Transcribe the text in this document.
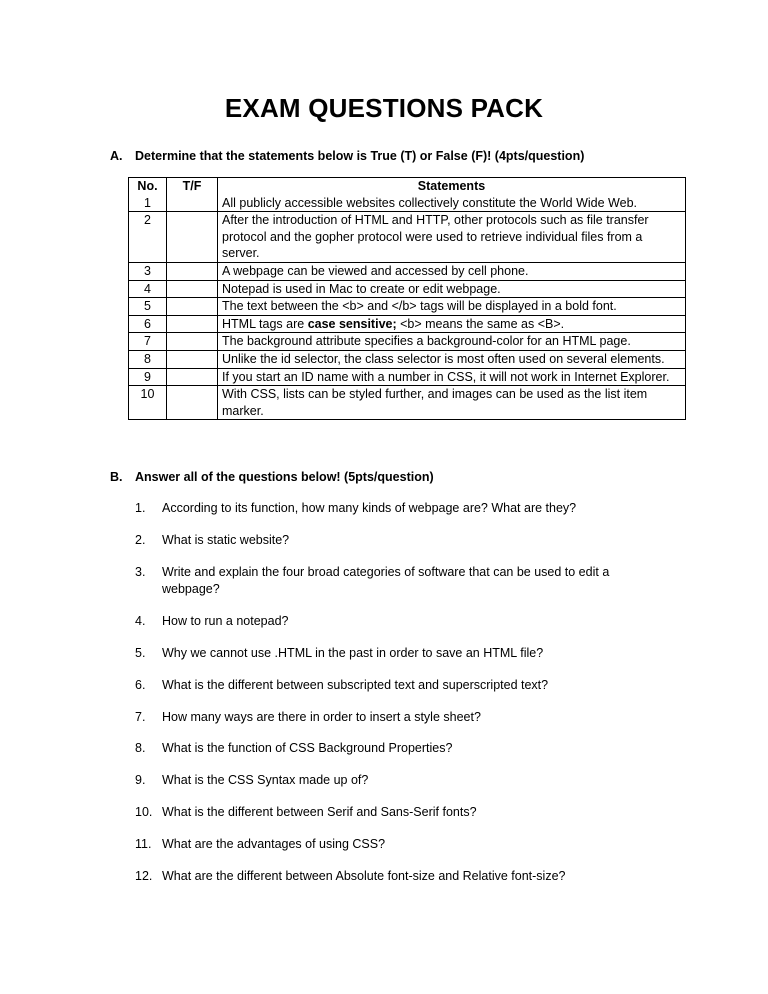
EXAM QUESTIONS PACK
A. Determine that the statements below is True (T) or False (F)! (4pts/question)
No.	T/F	Statements
1		All publicly accessible websites collectively constitute the World Wide Web.
2		After the introduction of HTML and HTTP, other protocols such as file transfer protocol and the gopher protocol were used to retrieve individual files from a server.
3		A webpage can be viewed and accessed by cell phone.
4		Notepad is used in Mac to create or edit webpage.
5		The text between the <b> and </b> tags will be displayed in a bold font.
6		HTML tags are case sensitive; <b> means the same as <B>.
7		The background attribute specifies a background-color for an HTML page.
8		Unlike the id selector, the class selector is most often used on several elements.
9		If you start an ID name with a number in CSS, it will not work in Internet Explorer.
10		With CSS, lists can be styled further, and images can be used as the list item marker.
B. Answer all of the questions below! (5pts/question)
1.	According to its function, how many kinds of webpage are? What are they?
2.	What is static website?
3.	Write and explain the four broad categories of software that can be used to edit a webpage?
4.	How to run a notepad?
5.	Why we cannot use .HTML in the past in order to save an HTML file?
6.	What is the different between subscripted text and superscripted text?
7.	How many ways are there in order to insert a style sheet?
8.	What is the function of CSS Background Properties?
9.	What is the CSS Syntax made up of?
10. What is the different between Serif and Sans-Serif fonts?
11. What are the advantages of using CSS?
12. What are the different between Absolute font-size and Relative font-size?
